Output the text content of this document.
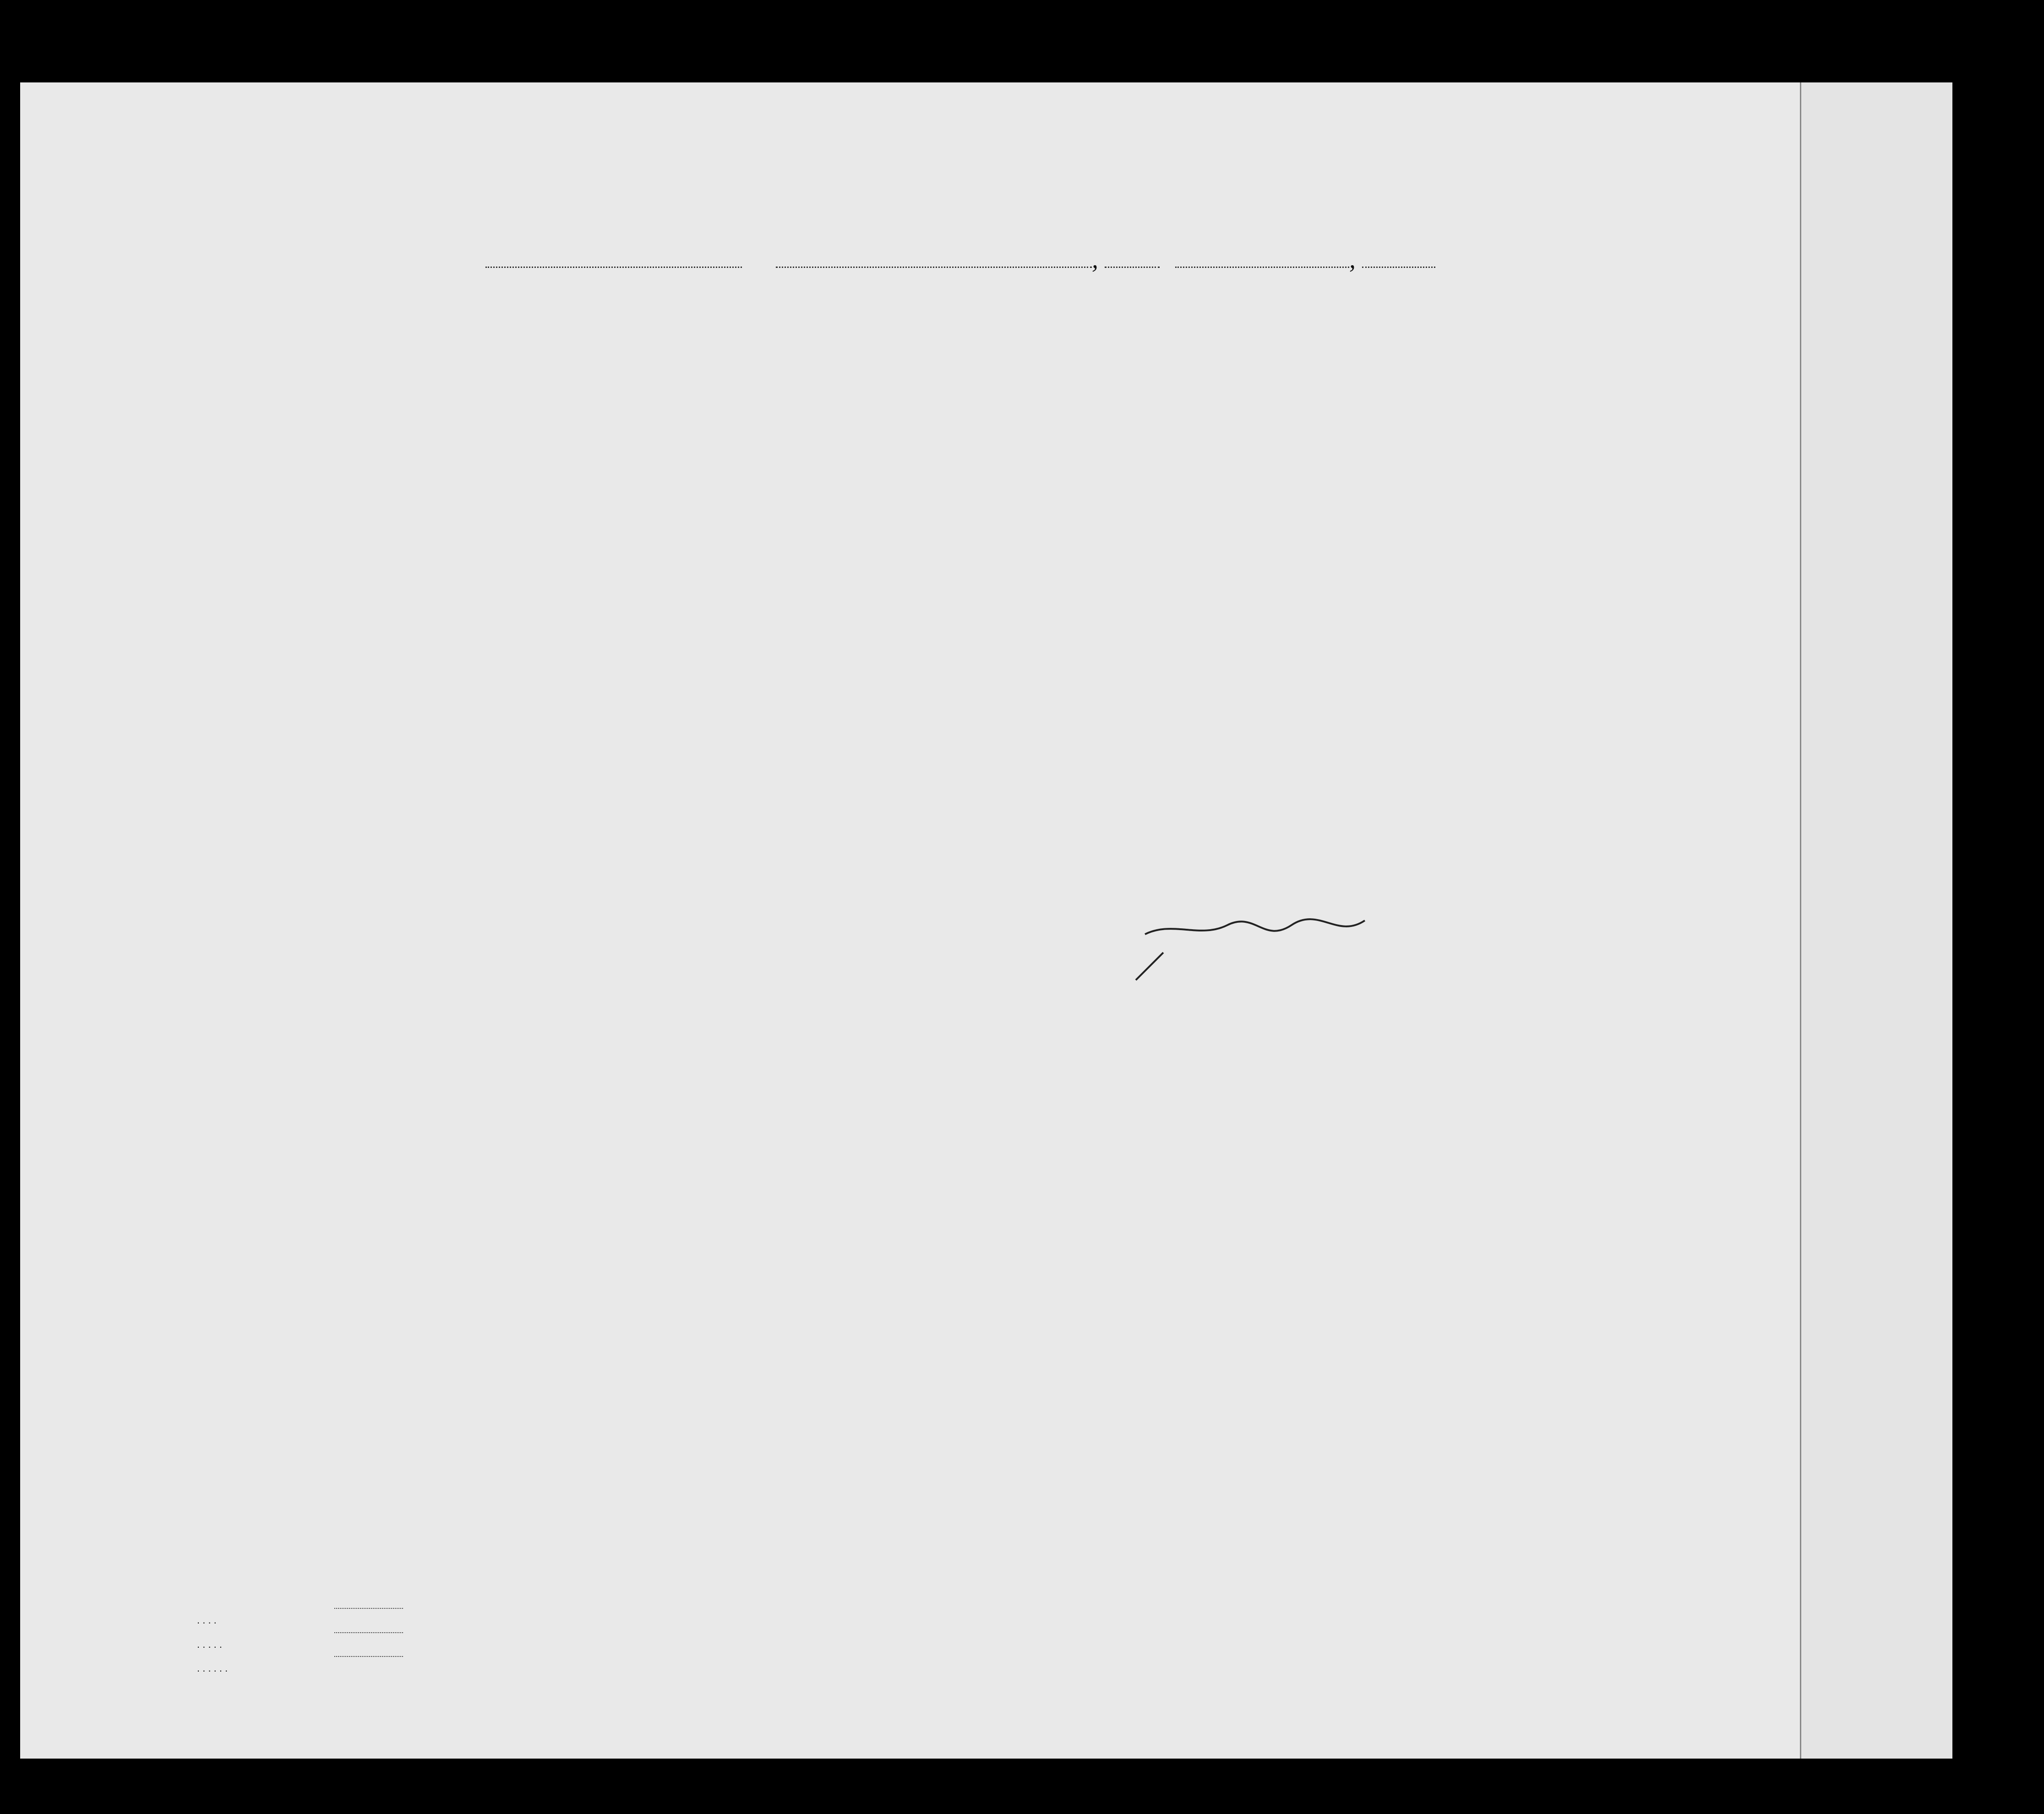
,	,
. . . .
. . . . .
. . . . . .
